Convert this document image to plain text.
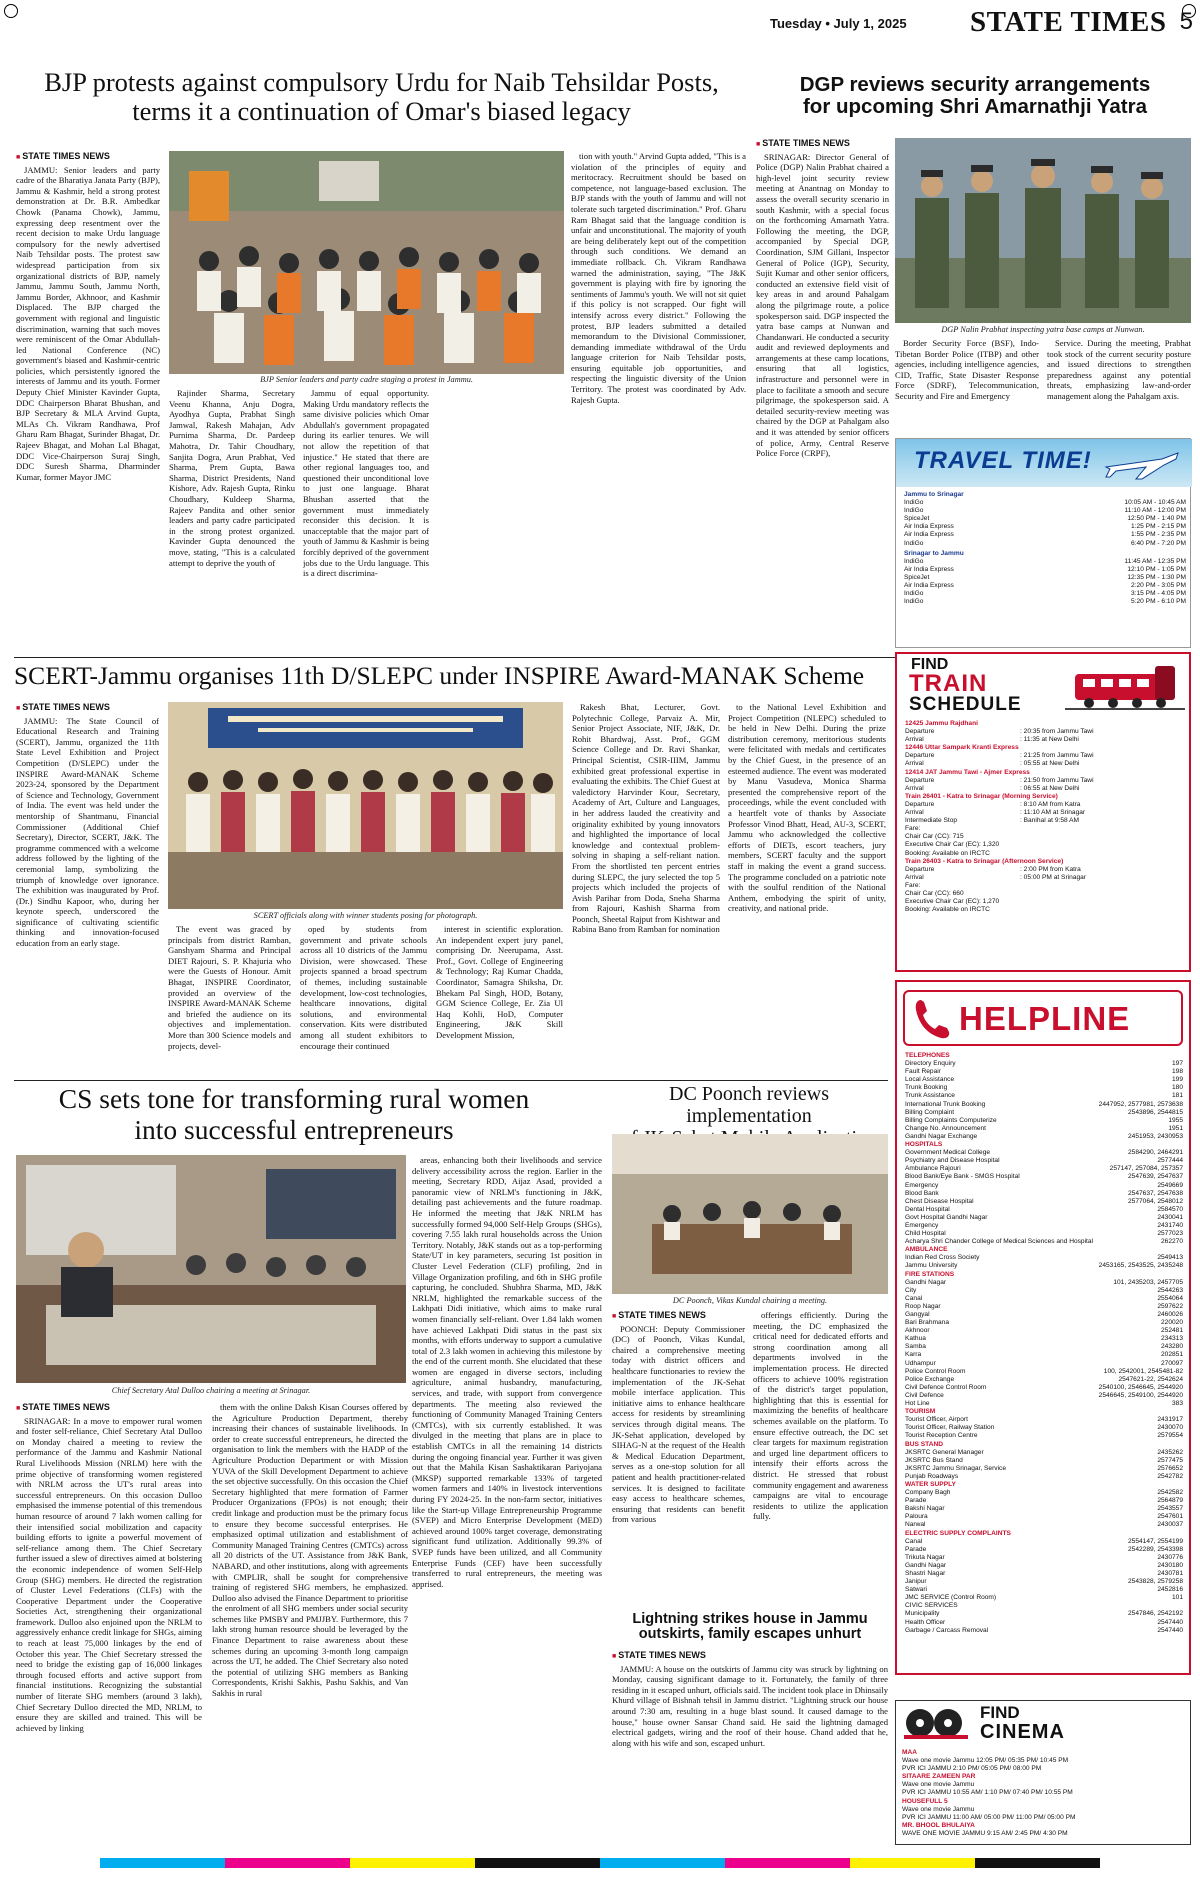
Tuesday • July 1, 2025 STATE TIMES 5
BJP protests against compulsory Urdu for Naib Tehsildar Posts,
terms it a continuation of Omar's biased legacy
■ STATE TIMES NEWS

JAMMU: Senior leaders and party cadre of the Bharatiya Janata Party (BJP), Jammu & Kashmir, held a strong protest demonstration at Dr. B.R. Ambedkar Chowk (Panama Chowk), Jammu, expressing deep resentment over the recent decision to make Urdu language compulsory for the newly advertised Naib Tehsildar posts. The protest saw widespread participation from six organizational districts of BJP, namely Jammu, Jammu South, Jammu North, Jammu Border, Akhnoor, and Kashmir Displaced. The BJP charged the government with regional and linguistic discrimination, warning that such moves were reminiscent of the Omar Abdullah-led National Conference (NC) government's biased and Kashmir-centric policies, which persistently ignored the interests of Jammu and its youth. Former Deputy Chief Minister Kavinder Gupta, DDC Chairperson Bharat Bhushan, and BJP Secretary & MLA Arvind Gupta, MLAs Ch. Vikram Randhawa, Prof Gharu Ram Bhagat, Surinder Bhagat, Dr. Rajeev Bhagat, and Mohan Lal Bhagat, DDC Vice-Chairperson Suraj Singh, DDC Suresh Sharma, Dharminder Kumar, former Mayor JMC

BJP Senior leaders and party cadre staging a protest in Jammu.

Rajinder Sharma, Secretary Veenu Khanna, Anju Dogra, Ayodhya Gupta, Prabhat Singh Jamwal, Rakesh Mahajan, Adv Purnima Sharma, Dr. Pardeep Mahotra, Dr. Tahir Choudhary, Sanjita Dogra, Arun Prabhat, Ved Sharma, Prem Gupta, Bawa Sharma, District Presidents, Nand Kishore, Adv. Rajesh Gupta, Rinku Choudhary, Kuldeep Sharma, Rajeev Pandita and other senior leaders and party cadre participated in the strong protest organized. Kavinder Gupta denounced the move, stating, "This is a calculated attempt to deprive the youth of

Jammu of equal opportunity. Making Urdu mandatory reflects the same divisive policies which Omar Abdullah's government propagated during its earlier tenures. We will not allow the repetition of that injustice." He stated that there are other regional languages too, and questioned their unconditional love to just one language. Bharat Bhushan asserted that the government must immediately reconsider this decision. It is unacceptable that the major part of youth of Jammu & Kashmir is being forcibly deprived of the government jobs due to the Urdu language. This is a direct discrimina-

tion with youth." Arvind Gupta added, "This is a violation of the principles of equity and meritocracy. Recruitment should be based on competence, not language-based exclusion. The BJP stands with the youth of Jammu and will not tolerate such targeted discrimination." Prof. Gharu Ram Bhagat said that the language condition is unfair and unconstitutional. The majority of youth are being deliberately kept out of the competition through such conditions. We demand an immediate rollback. Ch. Vikram Randhawa warned the administration, saying, "The J&K government is playing with fire by ignoring the sentiments of Jammu's youth. We will not sit quiet if this policy is not scrapped. Our fight will intensify across every district." Following the protest, BJP leaders submitted a detailed memorandum to the Divisional Commissioner, demanding immediate withdrawal of the Urdu language criterion for Naib Tehsildar posts, ensuring equitable job opportunities, and respecting the linguistic diversity of the Union Territory. The protest was coordinated by Adv. Rajesh Gupta.

DGP reviews security arrangements
for upcoming Shri Amarnathji Yatra
■ STATE TIMES NEWS

SRINAGAR: Director General of Police (DGP) Nalin Prabhat chaired a high-level joint security review meeting at Anantnag on Monday to assess the overall security scenario in south Kashmir, with a special focus on the forthcoming Amarnath Yatra. Following the meeting, the DGP, accompanied by Special DGP, Coordination, SJM Gillani, Inspector General of Police (IGP), Security, Sujit Kumar and other senior officers, conducted an extensive field visit of key areas in and around Pahalgam along the pilgrimage route, a police spokesperson said. DGP inspected the yatra base camps at Nunwan and Chandanwari. He conducted a security audit and reviewed deployments and arrangements at these camp locations, ensuring that all logistics, infrastructure and personnel were in place to facilitate a smooth and secure pilgrimage, the spokesperson said. A detailed security-review meeting was chaired by the DGP at Pahalgam also and it was attended by senior officers of police, Army, Central Reserve Police Force (CRPF),

DGP Nalin Prabhat inspecting yatra base camps at Nunwan.

Border Security Force (BSF), Indo-Tibetan Border Police (ITBP) and other agencies, including intelligence agencies, CID, Traffic, State Disaster Response Force (SDRF), Telecommunication, Security and Fire and Emergency

Service. During the meeting, Prabhat took stock of the current security posture and issued directions to strengthen preparedness against any potential threats, emphasizing law-and-order management along the Pahalgam axis.

TRAVEL TIME!
Jammu to Srinagar
IndiGo	10:05 AM - 10:45 AM
IndiGo	11:10 AM - 12:00 PM
SpiceJet	12:50 PM - 1:40 PM
Air India Express	1:25 PM - 2:15 PM
Air India Express	1:55 PM - 2:35 PM
IndiGo	6:40 PM - 7:20 PM
Srinagar to Jammu
IndiGo	11:45 AM - 12:35 PM
Air India Express	12:10 PM - 1:05 PM
SpiceJet	12:35 PM - 1:30 PM
Air India Express	2:20 PM - 3:05 PM
IndiGo	3:15 PM - 4:05 PM
IndiGo	5:20 PM - 6:10 PM
SCERT-Jammu organises 11th D/SLEPC under INSPIRE Award-MANAK Scheme
■ STATE TIMES NEWS

JAMMU: The State Council of Educational Research and Training (SCERT), Jammu, organized the 11th State Level Exhibition and Project Competition (D/SLEPC) under the INSPIRE Award-MANAK Scheme 2023-24, sponsored by the Department of Science and Technology, Government of India. The event was held under the mentorship of Shantmanu, Financial Commissioner (Additional Chief Secretary), Director, SCERT, J&K. The programme commenced with a welcome address followed by the lighting of the ceremonial lamp, symbolizing the triumph of knowledge over ignorance. The exhibition was inaugurated by Prof. (Dr.) Sindhu Kapoor, who, during her keynote speech, underscored the significance of cultivating scientific thinking and innovation-focused education from an early stage.

SCERT officials along with winner students posing for photograph.

The event was graced by principals from district Ramban, Ganshyam Sharma and Principal DIET Rajouri, S. P. Khajuria who were the Guests of Honour. Amit Bhagat, INSPIRE Coordinator, provided an overview of the INSPIRE Award-MANAK Scheme and briefed the audience on its objectives and implementation. More than 300 Science models and projects, devel-

oped by students from government and private schools across all 10 districts of the Jammu Division, were showcased. These projects spanned a broad spectrum of themes, including sustainable development, low-cost technologies, healthcare innovations, digital solutions, and environmental conservation. Kits were distributed among all student exhibitors to encourage their continued

interest in scientific exploration. An independent expert jury panel, comprising Dr. Neerupama, Asst. Prof., Govt. College of Engineering & Technology; Raj Kumar Chadda, Coordinator, Samagra Shiksha, Dr. Bhekam Pal Singh, HOD, Botany, GGM Science College, Er. Zia Ul Haq Kohli, HoD, Computer Engineering, J&K Skill Development Mission,

Rakesh Bhat, Lecturer, Govt. Polytechnic College, Parvaiz A. Mir, Senior Project Associate, NIF, J&K, Dr. Rohit Bhardwaj, Asst. Prof., GGM Science College and Dr. Ravi Shankar, Principal Scientist, CSIR-IIIM, Jammu exhibited great professional expertise in evaluating the exhibits. The Chief Guest at valedictory Harvinder Kour, Secretary, Academy of Art, Culture and Languages, in her address lauded the creativity and originality exhibited by young innovators and highlighted the importance of local knowledge and contextual problem-solving in shaping a self-reliant nation. From the shortlisted ten percent entries during SLEPC, the jury selected the top 5 projects which included the projects of Avish Parihar from Doda, Sneha Sharma from Rajouri, Kashish Sharma from Poonch, Sheetal Rajput from Kishtwar and Rabina Bano from Ramban for nomination

to the National Level Exhibition and Project Competition (NLEPC) scheduled to be held in New Delhi. During the prize distribution ceremony, meritorious students were felicitated with medals and certificates by the Chief Guest, in the presence of an esteemed audience. The event was moderated by Manu Vasudeva, Monica Sharma presented the comprehensive report of the proceedings, while the event concluded with a heartfelt vote of thanks by Associate Professor Vinod Bhatt, Head, AU-3, SCERT, Jammu who acknowledged the collective efforts of DIETs, escort teachers, jury members, SCERT faculty and the support staff in making the event a grand success. The programme concluded on a patriotic note with the soulful rendition of the National Anthem, embodying the spirit of unity, creativity, and national pride.

FIND
TRAIN
SCHEDULE
12425 Jammu Rajdhani
Departure	: 20:35 from Jammu Tawi
Arrival	: 11:35 at New Delhi
12446 Uttar Sampark Kranti Express
Departure	: 21:25 from Jammu Tawi
Arrival	: 05:55 at New Delhi
12414 JAT Jammu Tawi - Ajmer Express
Departure	: 21:50 from Jammu Tawi
Arrival	: 06:55 at New Delhi
Train 26401 - Katra to Srinagar (Morning Service)
Departure	: 8:10 AM from Katra
Arrival	: 11:10 AM at Srinagar
Intermediate Stop	: Banihal at 9:58 AM
Fare:
Chair Car (CC): 715
Executive Chair Car (EC): 1,320
Booking: Available on IRCTC
Train 26403 - Katra to Srinagar (Afternoon Service)
Departure	: 2:00 PM from Katra
Arrival	: 05:00 PM at Srinagar
Fare:
Chair Car (CC): 660
Executive Chair Car (EC): 1,270
Booking: Available on IRCTC
HELPLINE
TELEPHONES
Directory Enquiry	197
Fault Repair	198
Local Assistance	199
Trunk Booking	180
Trunk Assistance	181
International Trunk Booking	2447952, 2577981, 2573638
Billing Complaint	2543896, 2544815
Billing Complaints Computerize	1955
Change No. Announcement	1951
Gandhi Nagar Exchange	2451953, 2430953
HOSPITALS
Government Medical College	2584290, 2464291
Psychiatry and Disease Hospital	2577444
Ambulance Rajouri	257147, 257084, 257357
Blood Bank/Eye Bank - SMGS Hospital	2547639, 2547637
Emergency	2549669
Blood Bank	2547637, 2547638
Chest Disease Hospital	2577064, 2548012
Dental Hospital	2584570
Govt Hospital Gandhi Nagar	2430041
Emergency	2431740
Child Hospital	2577023
Acharya Shri Chander College of Medical Sciences and Hospital	262270
AMBULANCE
Indian Red Cross Society	2549413
Jammu University	2453165, 2543525, 2435248
FIRE STATIONS
Gandhi Nagar	101, 2435203, 2457705
City	2544263
Canal	2554064
Roop Nagar	2597622
Gangyal	2460026
Bari Brahmana	220020
Akhnoor	252481
Kathua	234313
Samba	243280
Karra	202851
Udhampur	270097
Police Control Room	100, 2542001, 2545481-82
Police Exchange	2547621-22, 2542624
Civil Defence Control Room	2540100, 2546645, 2544920
Civil Defence	2546645, 2549100, 2544920
Hot Line	383
TOURISM
Tourist Officer, Airport	2431917
Tourist Officer, Railway Station	2430070
Tourist Reception Centre	2579554
BUS STAND
JKSRTC General Manager	2435262
JKSRTC Bus Stand	2577475
JKSRTC Jammu Srinagar, Service	2576652
Punjab Roadways	2542782
WATER SUPPLY
Company Bagh	2542582
Parade	2564879
Bakshi Nagar	2543557
Paloura	2547601
Narwal	2430037
ELECTRIC SUPPLY COMPLAINTS
Canal	2554147, 2554199
Parade	2542289, 2543398
Trikuta Nagar	2430776
Gandhi Nagar	2430180
Shastri Nagar	2430781
Janipur	2543828, 2579258
Satwari	2452816
JMC SERVICE (Control Room)	101
CIVIC SERVICES
Municipality	2547846, 2542192
Health Officer	2547440
Garbage / Carcass Removal	2547440
FIND
CINEMA
MAA
Wave one movie Jammu 12:05 PM/ 05:35 PM/ 10:45 PM
PVR ICI JAMMU 2:10 PM/ 05:05 PM/ 08:00 PM
SITAARE ZAMEEN PAR
Wave one movie Jammu
PVR ICI JAMMU 10:55 AM/ 1:10 PM/ 07:40 PM/ 10:55 PM
HOUSEFULL 5
Wave one movie Jammu
PVR ICI JAMMU 11:00 AM/ 05:00 PM/ 11:00 PM/ 05:00 PM
MR. BHOOL BHULAIYA
WAVE ONE MOVIE JAMMU 9:15 AM/ 2:45 PM/ 4:30 PM
CS sets tone for transforming rural women
into successful entrepreneurs
Chief Secretary Atal Dulloo chairing a meeting at Srinagar.
■ STATE TIMES NEWS

SRINAGAR: In a move to empower rural women and foster self-reliance, Chief Secretary Atal Dulloo on Monday chaired a meeting to review the performance of the Jammu and Kashmir National Rural Livelihoods Mission (NRLM) here with the prime objective of transforming women registered with NRLM across the UT's rural areas into successful entrepreneurs. On this occasion Dulloo emphasised the immense potential of this tremendous human resource of around 7 lakh women calling for their intensified social mobilization and capacity building efforts to ignite a powerful movement of self-reliance among them. The Chief Secretary further issued a slew of directives aimed at bolstering the economic independence of women Self-Help Group (SHG) members. He directed the registration of Cluster Level Federations (CLFs) with the Cooperative Department under the Cooperative Societies Act, strengthening their organizational framework. Dulloo also enjoined upon the NRLM to aggressively enhance credit linkage for SHGs, aiming to reach at least 75,000 linkages by the end of October this year. The Chief Secretary stressed the need to bridge the existing gap of 16,000 linkages through focused efforts and active support from financial institutions. Recognizing the substantial number of literate SHG members (around 3 lakh), Chief Secretary Dulloo directed the MD, NRLM, to ensure they are skilled and trained. This will be achieved by linking

them with the online Daksh Kisan Courses offered by the Agriculture Production Department, thereby increasing their chances of sustainable livelihoods. In order to create successful entrepreneurs, he directed the organisation to link the members with the HADP of the Agriculture Production Department or with Mission YUVA of the Skill Development Department to achieve the set objective successfully. On this occasion the Chief Secretary highlighted that mere formation of Farmer Producer Organizations (FPOs) is not enough; their credit linkage and production must be the primary focus to ensure they become successful enterprises. He emphasized optimal utilization and establishment of Community Managed Training Centres (CMTCs) across all 20 districts of the UT. Assistance from J&K Bank, NABARD, and other institutions, along with agreements with CMPLIR, shall be sought for comprehensive training of registered SHG members, he emphasized. Dulloo also advised the Finance Department to prioritise the enrolment of all SHG members under social security schemes like PMSBY and PMJJBY. Furthermore, this 7 lakh strong human resource should be leveraged by the Finance Department to raise awareness about these schemes during an upcoming 3-month long campaign across the UT, he added. The Chief Secretary also noted the potential of utilizing SHG members as Banking Correspondents, Krishi Sakhis, Pashu Sakhis, and Van Sakhis in rural

areas, enhancing both their livelihoods and service delivery accessibility across the region. Earlier in the meeting, Secretary RDD, Aijaz Asad, provided a panoramic view of NRLM's functioning in J&K, detailing past achievements and the future roadmap. He informed the meeting that J&K NRLM has successfully formed 94,000 Self-Help Groups (SHGs), covering 7.55 lakh rural households across the Union Territory. Notably, J&K stands out as a top-performing State/UT in key parameters, securing 1st position in Cluster Level Federation (CLF) profiling, 2nd in Village Organization profiling, and 6th in SHG profile capturing, he concluded. Shubhra Sharma, MD, J&K NRLM, highlighted the remarkable success of the Lakhpati Didi initiative, which aims to make rural women financially self-reliant. Over 1.84 lakh women have achieved Lakhpati Didi status in the past six months, with efforts underway to support a cumulative total of 2.3 lakh women in achieving this milestone by the end of the current month. She elucidated that these women are engaged in diverse sectors, including agriculture, animal husbandry, manufacturing, services, and trade, with support from convergence departments. The meeting also reviewed the functioning of Community Managed Training Centers (CMTCs), with six currently established. It was divulged in the meeting that plans are in place to establish CMTCs in all the remaining 14 districts during the ongoing financial year. Further it was given out that the Mahila Kisan Sashaktikaran Pariyojana (MKSP) supported remarkable 133% of targeted women farmers and 140% in livestock interventions during FY 2024-25. In the non-farm sector, initiatives like the Start-up Village Entrepreneurship Programme (SVEP) and Micro Enterprise Development (MED) achieved around 100% target coverage, demonstrating significant fund utilization. Additionally 99.3% of SVEP funds have been utilized, and all Community Enterprise Funds (CEF) have been successfully transferred to rural entrepreneurs, the meeting was apprised.

DC Poonch reviews implementation
DC Poonch, Vikas Kundal chairing a meeting.
■ STATE TIMES NEWS

POONCH: Deputy Commissioner (DC) of Poonch, Vikas Kundal, chaired a comprehensive meeting today with district officers and healthcare functionaries to review the implementation of the JK-Sehat mobile interface application. This initiative aims to enhance healthcare access for residents by streamlining services through digital means. The JK-Sehat application, developed by SIHAG-N at the request of the Health & Medical Education Department, serves as a one-stop solution for all patient and health practitioner-related services. It is designed to facilitate easy access to healthcare schemes, ensuring that residents can benefit from various

offerings efficiently. During the meeting, the DC emphasized the critical need for dedicated efforts and strong coordination among all departments involved in the implementation process. He directed officers to achieve 100% registration of the district's target population, highlighting that this is essential for maximizing the benefits of healthcare schemes available on the platform. To ensure effective outreach, the DC set clear targets for maximum registration and urged line department officers to intensify their efforts across the district. He stressed that robust community engagement and awareness campaigns are vital to encourage residents to utilize the application fully.

Lightning strikes house in Jammu
outskirts, family escapes unhurt
■ STATE TIMES NEWS

JAMMU: A house on the outskirts of Jammu city was struck by lightning on Monday, causing significant damage to it. Fortunately, the family of three residing in it escaped unhurt, officials said. The incident took place in Dhinsaily Khurd village of Bishnah tehsil in Jammu district. "Lightning struck our house around 7:30 am, resulting in a huge blast sound. It caused damage to the house," house owner Sansar Chand said. He said the lightning damaged electrical gadgets, wiring and the roof of their house. Chand added that he, along with his wife and son, escaped unhurt.
